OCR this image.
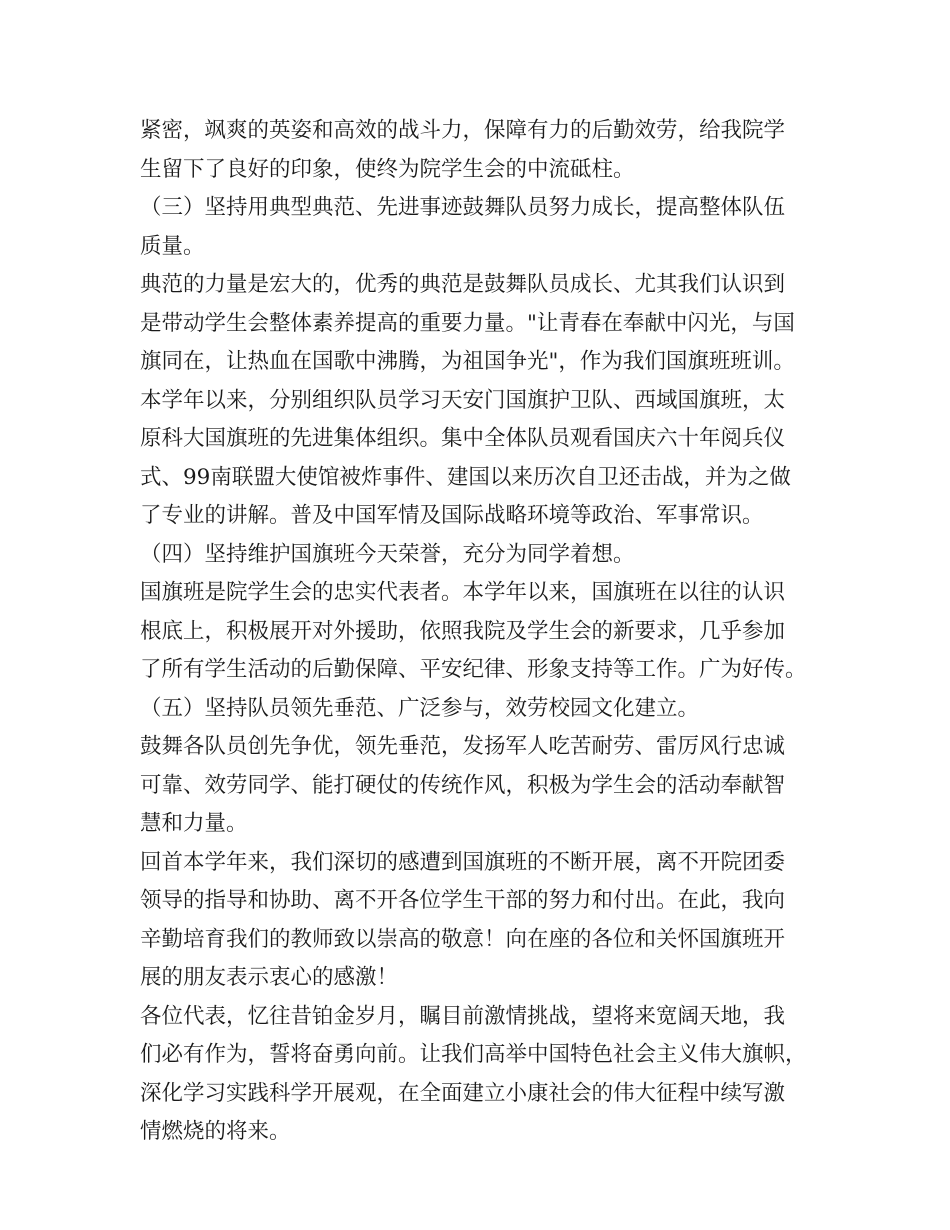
紧密，飒爽的英姿和高效的战斗力，保障有力的后勤效劳，给我院学
生留下了良好的印象，使终为院学生会的中流砥柱。
（三）坚持用典型典范、先进事迹鼓舞队员努力成长，提高整体队伍
质量。
典范的力量是宏大的，优秀的典范是鼓舞队员成长、尤其我们认识到
是带动学生会整体素养提高的重要力量。"让青春在奉献中闪光，与国
旗同在，让热血在国歌中沸腾，为祖国争光"，作为我们国旗班班训。
本学年以来，分别组织队员学习天安门国旗护卫队、西域国旗班，太
原科大国旗班的先进集体组织。集中全体队员观看国庆六十年阅兵仪
式、99南联盟大使馆被炸事件、建国以来历次自卫还击战，并为之做
了专业的讲解。普及中国军情及国际战略环境等政治、军事常识。
（四）坚持维护国旗班今天荣誉，充分为同学着想。
国旗班是院学生会的忠实代表者。本学年以来，国旗班在以往的认识
根底上，积极展开对外援助，依照我院及学生会的新要求，几乎参加
了所有学生活动的后勤保障、平安纪律、形象支持等工作。广为好传。
（五）坚持队员领先垂范、广泛参与，效劳校园文化建立。
鼓舞各队员创先争优，领先垂范，发扬军人吃苦耐劳、雷厉风行忠诚
可靠、效劳同学、能打硬仗的传统作风，积极为学生会的活动奉献智
慧和力量。
回首本学年来，我们深切的感遭到国旗班的不断开展，离不开院团委
领导的指导和协助、离不开各位学生干部的努力和付出。在此，我向
辛勤培育我们的教师致以崇高的敬意！向在座的各位和关怀国旗班开
展的朋友表示衷心的感激！
各位代表，忆往昔铂金岁月，瞩目前激情挑战，望将来宽阔天地，我
们必有作为，誓将奋勇向前。让我们高举中国特色社会主义伟大旗帜，
深化学习实践科学开展观，在全面建立小康社会的伟大征程中续写激
情燃烧的将来。
